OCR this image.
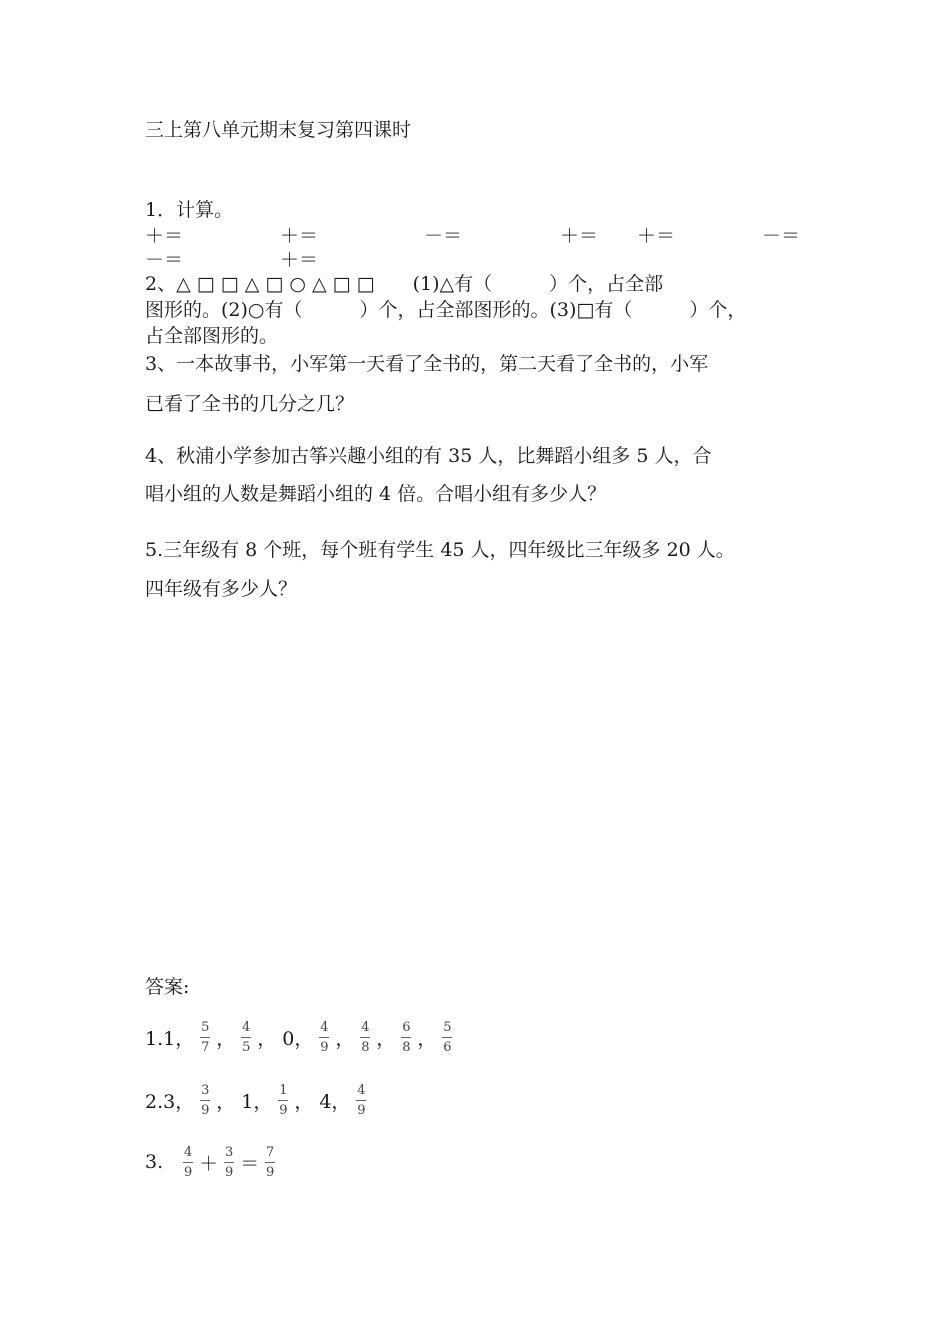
三上第八单元期末复习第四课时
1．计算。
＋＝	＋＝	－＝	＋＝ ＋＝	－＝
－＝	＋＝
2、△ □ □ △ □ ○ △ □ □　　(1)△有（　　　）个，占全部
图形的。(2)○有（　　　）个，占全部图形的。(3)□有（　　　）个，
占全部图形的。
3、一本故事书，小军第一天看了全书的，第二天看了全书的，小军
已看了全书的几分之几？
4、秋浦小学参加古筝兴趣小组的有 35 人，比舞蹈小组多 5 人，合
唱小组的人数是舞蹈小组的 4 倍。合唱小组有多少人？
5.三年级有 8 个班，每个班有学生 45 人，四年级比三年级多 20 人。
四年级有多少人？
答案:
1.1， $\frac{5}{7}$ ， $\frac{4}{5}$ ， 0， $\frac{4}{9}$ ， $\frac{4}{8}$ ， $\frac{6}{8}$ ， $\frac{5}{6}$
2.3， $\frac{3}{9}$ ， 1， $\frac{1}{9}$ ， 4， $\frac{4}{9}$
3. $\frac{4}{9} + \frac{3}{9} = \frac{7}{9}$
